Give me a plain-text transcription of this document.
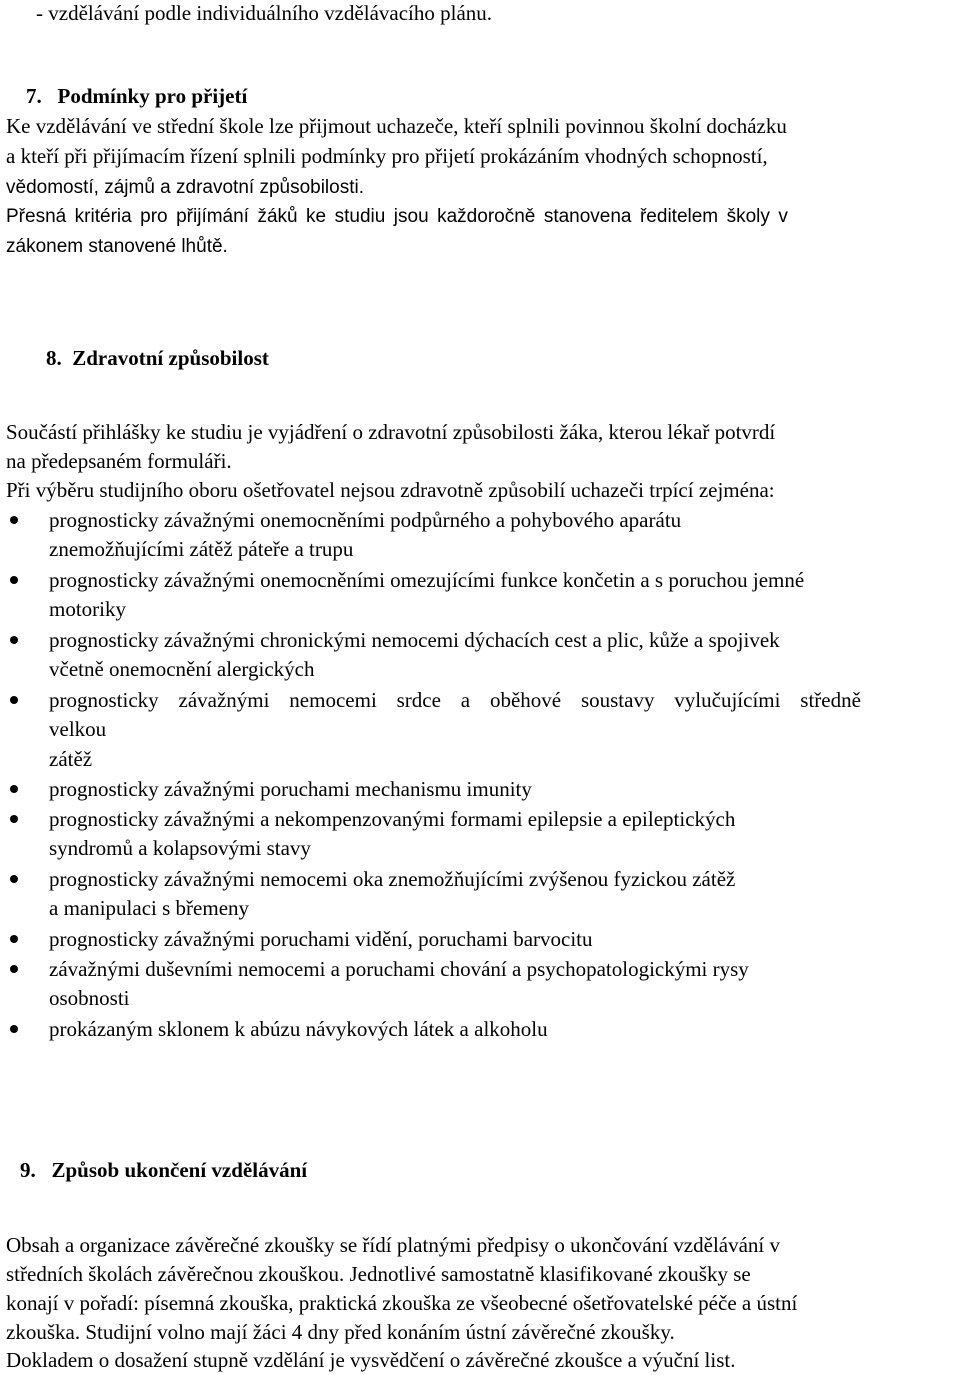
- vzdělávání podle individuálního vzdělávacího plánu.
7. Podmínky pro přijetí
Ke vzdělávání ve střední škole lze přijmout uchazeče, kteří splnili povinnou školní docházku
a kteří při přijímacím řízení splnili podmínky pro přijetí prokázáním vhodných schopností,
vědomostí, zájmů a zdravotní způsobilosti.
Přesná kritéria pro přijímání žáků ke studiu jsou každoročně stanovena ředitelem školy v
zákonem stanovené lhůtě.
8. Zdravotní způsobilost
Součástí přihlášky ke studiu je vyjádření o zdravotní způsobilosti žáka, kterou lékař potvrdí
na předepsaném formuláři.
Při výběru studijního oboru ošetřovatel nejsou zdravotně způsobilí uchazeči trpící zejména:
prognosticky závažnými onemocněními podpůrného a pohybového aparátu
znemožňujícími zátěž páteře a trupu
prognosticky závažnými onemocněními omezujícími funkce končetin a s poruchou jemné
motoriky
prognosticky závažnými chronickými nemocemi dýchacích cest a plic, kůže a spojivek
včetně onemocnění alergických
prognosticky závažnými nemocemi srdce a oběhové soustavy vylučujícími středně
velkou
zátěž
prognosticky závažnými poruchami mechanismu imunity
prognosticky závažnými a nekompenzovanými formami epilepsie a epileptických
syndromů a kolapsovými stavy
prognosticky závažnými nemocemi oka znemožňujícími zvýšenou fyzickou zátěž
a manipulaci s břemeny
prognosticky závažnými poruchami vidění, poruchami barvocitu
závažnými duševními nemocemi a poruchami chování a psychopatologickými rysy
osobnosti
prokázaným sklonem k abúzu návykových látek a alkoholu
9. Způsob ukončení vzdělávání
Obsah a organizace závěrečné zkoušky se řídí platnými předpisy o ukončování vzdělávání v
středních školách závěrečnou zkouškou. Jednotlivé samostatně klasifikované zkoušky se
konají v pořadí: písemná zkouška, praktická zkouška ze všeobecné ošetřovatelské péče a ústní
zkouška. Studijní volno mají žáci 4 dny před konáním ústní závěrečné zkoušky.
Dokladem o dosažení stupně vzdělání je vysvědčení o závěrečné zkoušce a výuční list.
